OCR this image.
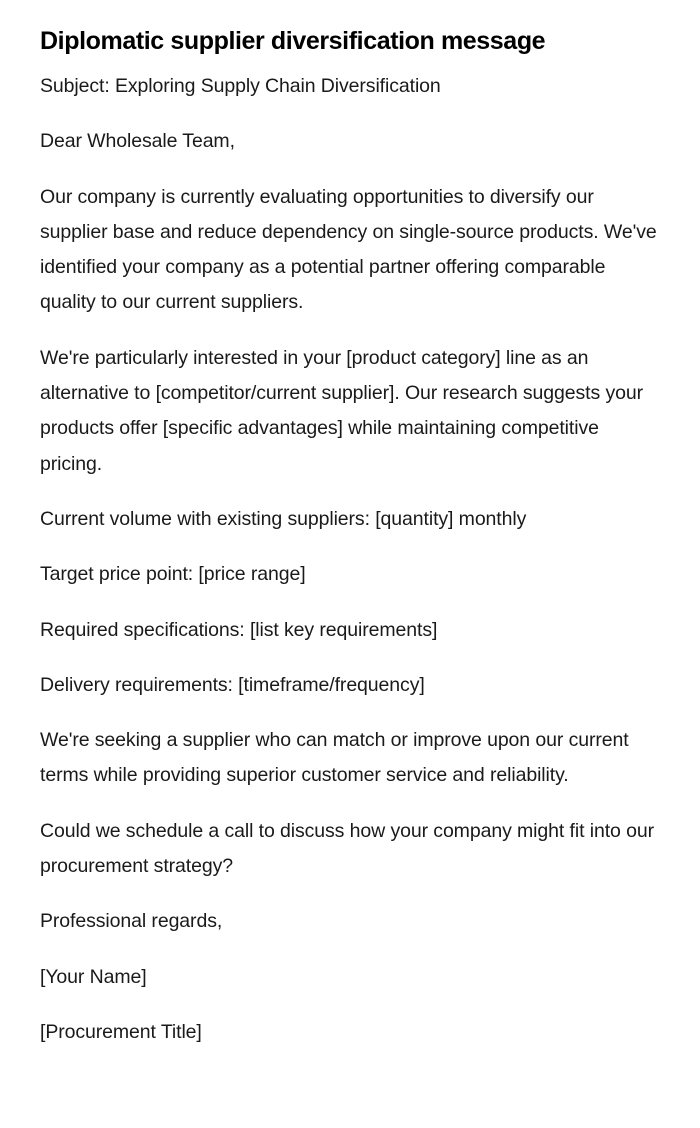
Diplomatic supplier diversification message

Subject: Exploring Supply Chain Diversification

Dear Wholesale Team,

Our company is currently evaluating opportunities to diversify our supplier base and reduce dependency on single-source products. We've identified your company as a potential partner offering comparable quality to our current suppliers.

We're particularly interested in your [product category] line as an alternative to [competitor/current supplier]. Our research suggests your products offer [specific advantages] while maintaining competitive pricing.

Current volume with existing suppliers: [quantity] monthly

Target price point: [price range]

Required specifications: [list key requirements]

Delivery requirements: [timeframe/frequency]

We're seeking a supplier who can match or improve upon our current terms while providing superior customer service and reliability.

Could we schedule a call to discuss how your company might fit into our procurement strategy?

Professional regards,

[Your Name]

[Procurement Title]
